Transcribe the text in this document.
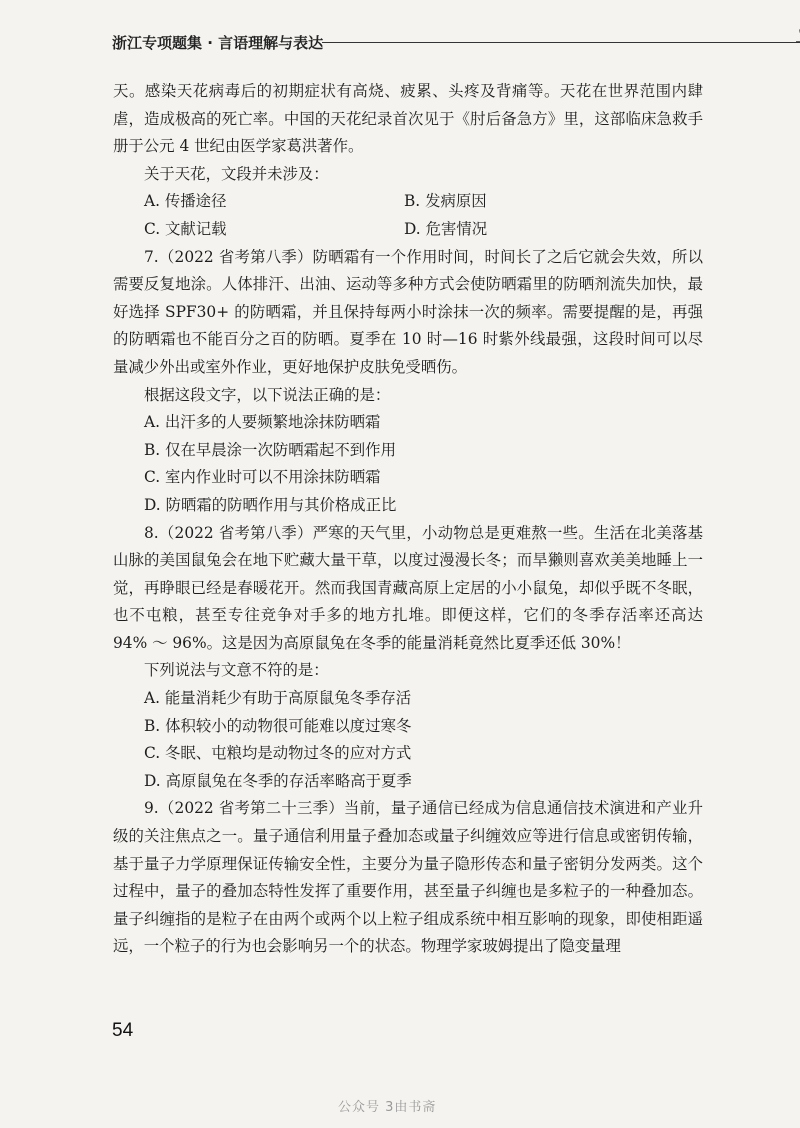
浙江专项题集 · 言语理解与表达

天。感染天花病毒后的初期症状有高烧、疲累、头疼及背痛等。天花在世界范围内肆虐，造成极高的死亡率。中国的天花纪录首次见于《肘后备急方》里，这部临床急救手册于公元 4 世纪由医学家葛洪著作。

关于天花，文段并未涉及：

A. 传播途径	B. 发病原因
C. 文献记载	D. 危害情况

7.（2022 省考第八季）防晒霜有一个作用时间，时间长了之后它就会失效，所以需要反复地涂。人体排汗、出油、运动等多种方式会使防晒霜里的防晒剂流失加快，最好选择 SPF30+ 的防晒霜，并且保持每两小时涂抹一次的频率。需要提醒的是，再强的防晒霜也不能百分之百的防晒。夏季在 10 时—16 时紫外线最强，这段时间可以尽量减少外出或室外作业，更好地保护皮肤免受晒伤。

根据这段文字，以下说法正确的是：

A. 出汗多的人要频繁地涂抹防晒霜
B. 仅在早晨涂一次防晒霜起不到作用
C. 室内作业时可以不用涂抹防晒霜
D. 防晒霜的防晒作用与其价格成正比

8.（2022 省考第八季）严寒的天气里，小动物总是更难熬一些。生活在北美落基山脉的美国鼠兔会在地下贮藏大量干草，以度过漫漫长冬；而旱獭则喜欢美美地睡上一觉，再睁眼已经是春暖花开。然而我国青藏高原上定居的小小鼠兔，却似乎既不冬眠，也不屯粮，甚至专往竞争对手多的地方扎堆。即便这样，它们的冬季存活率还高达 94% ～ 96%。这是因为高原鼠兔在冬季的能量消耗竟然比夏季还低 30%！

下列说法与文意不符的是：

A. 能量消耗少有助于高原鼠兔冬季存活
B. 体积较小的动物很可能难以度过寒冬
C. 冬眠、屯粮均是动物过冬的应对方式
D. 高原鼠兔在冬季的存活率略高于夏季

9.（2022 省考第二十三季）当前，量子通信已经成为信息通信技术演进和产业升级的关注焦点之一。量子通信利用量子叠加态或量子纠缠效应等进行信息或密钥传输，基于量子力学原理保证传输安全性，主要分为量子隐形传态和量子密钥分发两类。这个过程中，量子的叠加态特性发挥了重要作用，甚至量子纠缠也是多粒子的一种叠加态。量子纠缠指的是粒子在由两个或两个以上粒子组成系统中相互影响的现象，即使相距遥远，一个粒子的行为也会影响另一个的状态。物理学家玻姆提出了隐变量理

54
公众号 3由书斋
